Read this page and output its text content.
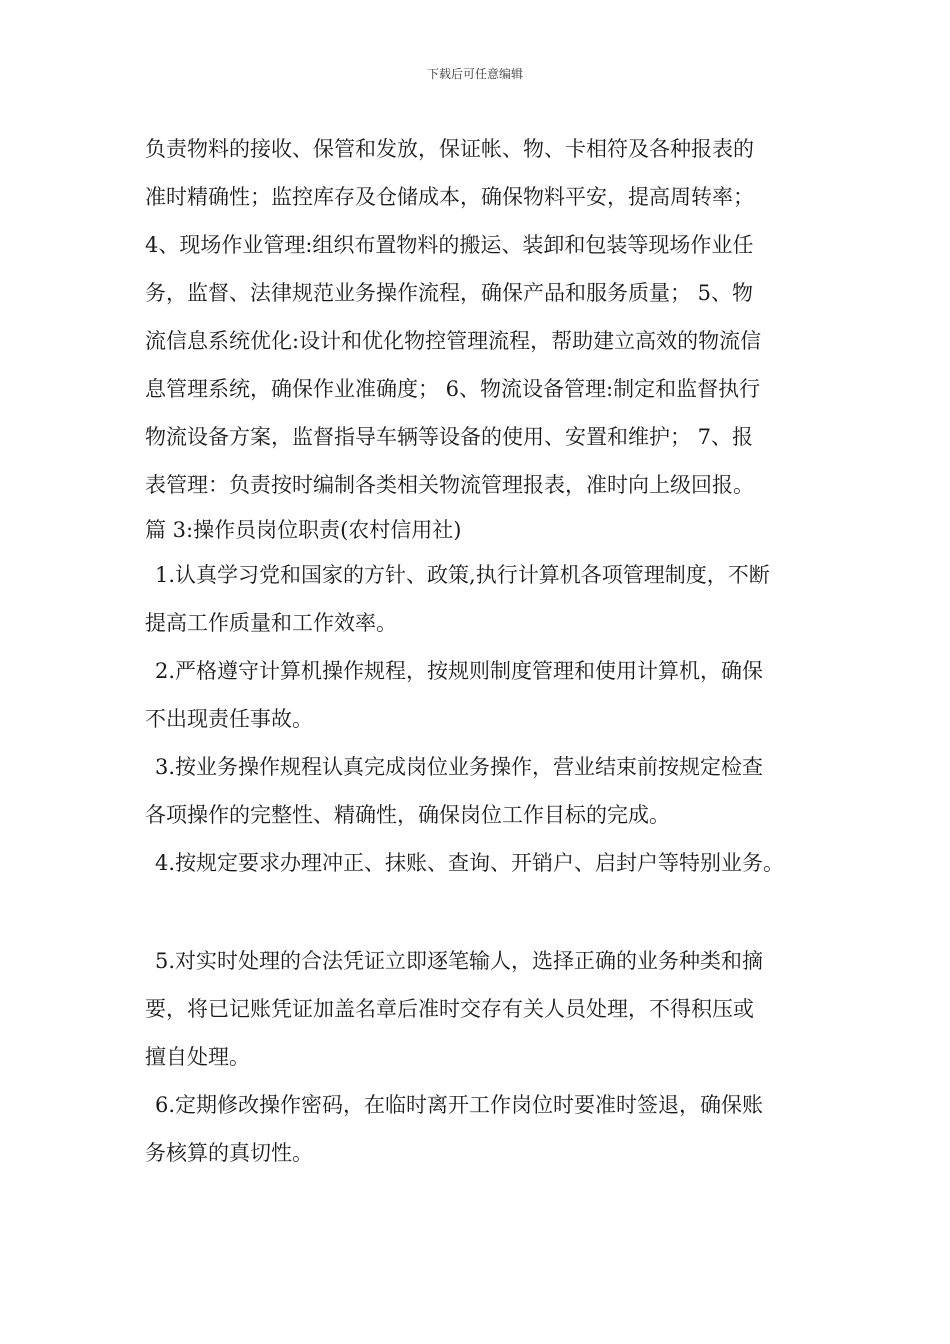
下载后可任意编辑
负责物料的接收、保管和发放，保证帐、物、卡相符及各种报表的
准时精确性；监控库存及仓储成本，确保物料平安，提高周转率；
4、现场作业管理:组织布置物料的搬运、装卸和包装等现场作业任
务，监督、法律规范业务操作流程，确保产品和服务质量； 5、物
流信息系统优化:设计和优化物控管理流程，帮助建立高效的物流信
息管理系统，确保作业准确度； 6、物流设备管理:制定和监督执行
物流设备方案，监督指导车辆等设备的使用、安置和维护； 7、报
表管理：负责按时编制各类相关物流管理报表，准时向上级回报。
篇 3:操作员岗位职责(农村信用社)
1.认真学习党和国家的方针、政策,执行计算机各项管理制度，不断
提高工作质量和工作效率。
2.严格遵守计算机操作规程，按规则制度管理和使用计算机，确保
不出现责任事故。
3.按业务操作规程认真完成岗位业务操作，营业结束前按规定检查
各项操作的完整性、精确性，确保岗位工作目标的完成。
4.按规定要求办理冲正、抹账、查询、开销户、启封户等特别业务。
5.对实时处理的合法凭证立即逐笔输人，选择正确的业务种类和摘
要，将已记账凭证加盖名章后准时交存有关人员处理，不得积压或
擅自处理。
6.定期修改操作密码，在临时离开工作岗位时要准时签退，确保账
务核算的真切性。
